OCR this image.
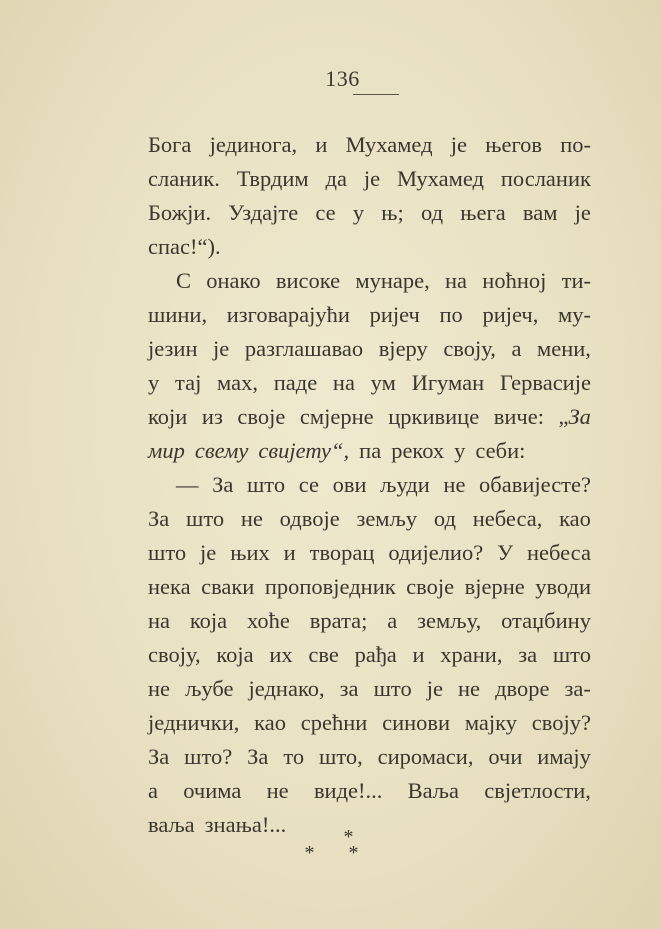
136
Бога јединога, и Мухамед је његов по-
сланик. Тврдим да је Мухамед посланик
Божји. Уздајте се у њ; од њега вам је
спас!“).
С онако високе мунаре, на ноћној ти-
шини, изговарајући ријеч по ријеч, му-
језин је разглашавао вјеру своју, а мени,
у тај мах, паде на ум Игуман Гервасије
који из своје смјерне цркивице виче: „За
мир свему свијету“, па рекох у себи:
— За што се ови људи не обавијесте?
За што не одвоје земљу од небеса, као
што је њих и творац одијелио? У небеса
нека сваки проповједник своје вјерне уводи
на која хоће врата; а земљу, отаџбину
своју, која их све рађа и храни, за што
не љубе једнако, за што је не дворе за-
једнички, као срећни синови мајку своју?
За што? За то што, сиромаси, очи имају
а очима не виде!... Ваља свјетлости,
ваља знања!...	*
**
